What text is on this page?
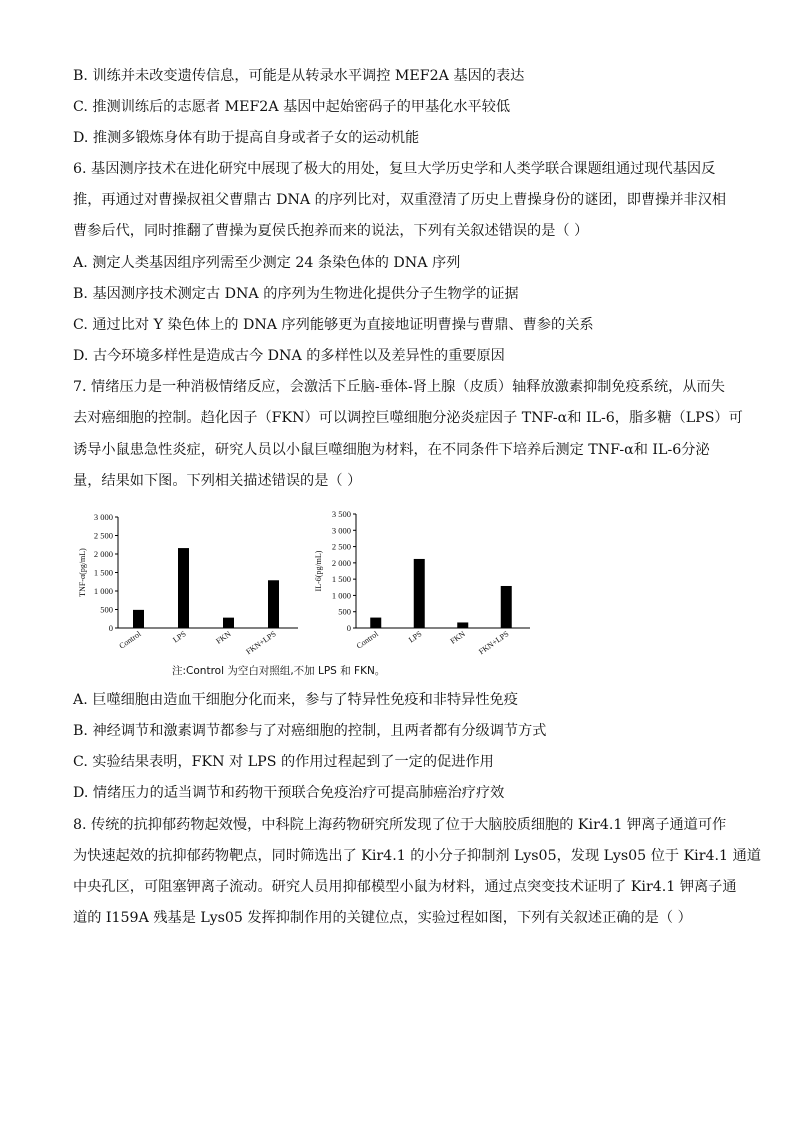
B. 训练并未改变遗传信息，可能是从转录水平调控 MEF2A 基因的表达
C. 推测训练后的志愿者 MEF2A 基因中起始密码子的甲基化水平较低
D. 推测多锻炼身体有助于提高自身或者子女的运动机能
6. 基因测序技术在进化研究中展现了极大的用处，复旦大学历史学和人类学联合课题组通过现代基因反
推，再通过对曹操叔祖父曹鼎古 DNA 的序列比对，双重澄清了历史上曹操身份的谜团，即曹操并非汉相
曹参后代，同时推翻了曹操为夏侯氏抱养而来的说法，下列有关叙述错误的是（ ）
A. 测定人类基因组序列需至少测定 24 条染色体的 DNA 序列
B. 基因测序技术测定古 DNA 的序列为生物进化提供分子生物学的证据
C. 通过比对 Y 染色体上的 DNA 序列能够更为直接地证明曹操与曹鼎、曹参的关系
D. 古今环境多样性是造成古今 DNA 的多样性以及差异性的重要原因
7. 情绪压力是一种消极情绪反应，会激活下丘脑-垂体-肾上腺（皮质）轴释放激素抑制免疫系统，从而失
去对癌细胞的控制。趋化因子（FKN）可以调控巨噬细胞分泌炎症因子 TNF-α和 IL-6，脂多糖（LPS）可
诱导小鼠患急性炎症，研究人员以小鼠巨噬细胞为材料，在不同条件下培养后测定 TNF-α和 IL-6分泌
量，结果如下图。下列相关描述错误的是（ ）
A. 巨噬细胞由造血干细胞分化而来，参与了特异性免疫和非特异性免疫
B. 神经调节和激素调节都参与了对癌细胞的控制，且两者都有分级调节方式
C. 实验结果表明，FKN 对 LPS 的作用过程起到了一定的促进作用
D. 情绪压力的适当调节和药物干预联合免疫治疗可提高肺癌治疗疗效
8. 传统的抗抑郁药物起效慢，中科院上海药物研究所发现了位于大脑胶质细胞的 Kir4.1 钾离子通道可作
为快速起效的抗抑郁药物靶点，同时筛选出了 Kir4.1 的小分子抑制剂 Lys05，发现 Lys05 位于 Kir4.1 通道
中央孔区，可阻塞钾离子流动。研究人员用抑郁模型小鼠为材料，通过点突变技术证明了 Kir4.1 钾离子通
道的 I159A 残基是 Lys05 发挥抑制作用的关键位点，实验过程如图，下列有关叙述正确的是（ ）
0
500
1 000
1 500
2 000
2 500
3 000
TNF-α(pg/mL)
Control	LPS	FKN FKN+LPS
0
500
1 000
1 500
2 000
2 500
3 000
3 500
IL-6(pg/mL)
Control	LPS	FKN FKN+LPS
注:Control 为空白对照组,不加 LPS 和 FKN。
